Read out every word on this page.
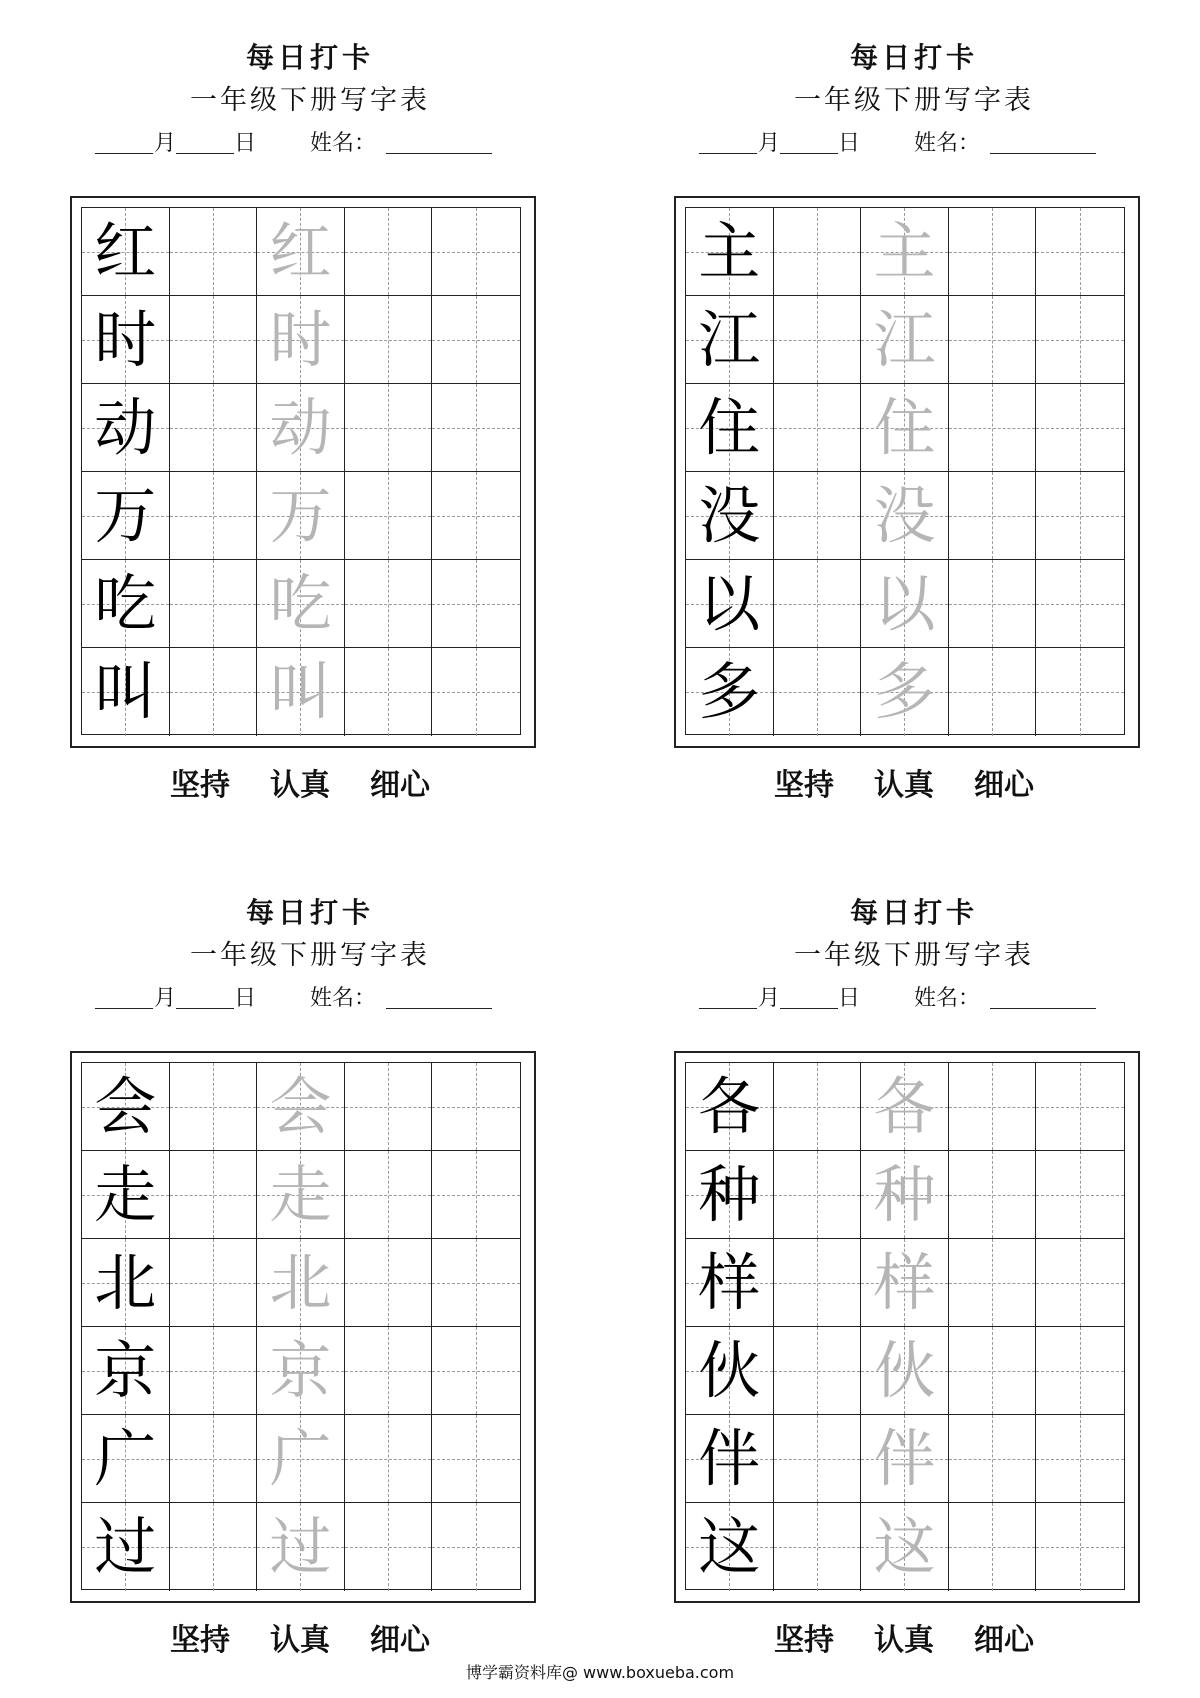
每日打卡
一年级下册写字表
月	日 姓名：
红 红
时 时
动 动
万 万
吃 吃
叫 叫
坚持 认真 细心
每日打卡
一年级下册写字表
月	日 姓名：
主 主
江 江
住 住
没 没
以 以
多 多
坚持 认真 细心
每日打卡
一年级下册写字表
月	日 姓名：
会 会
走 走
北 北
京 京
广 广
过 过
坚持 认真 细心
每日打卡
一年级下册写字表
月	日 姓名：
各 各
种 种
样 样
伙 伙
伴 伴
这 这
坚持 认真 细心
博学霸资料库@ www.boxueba.com
